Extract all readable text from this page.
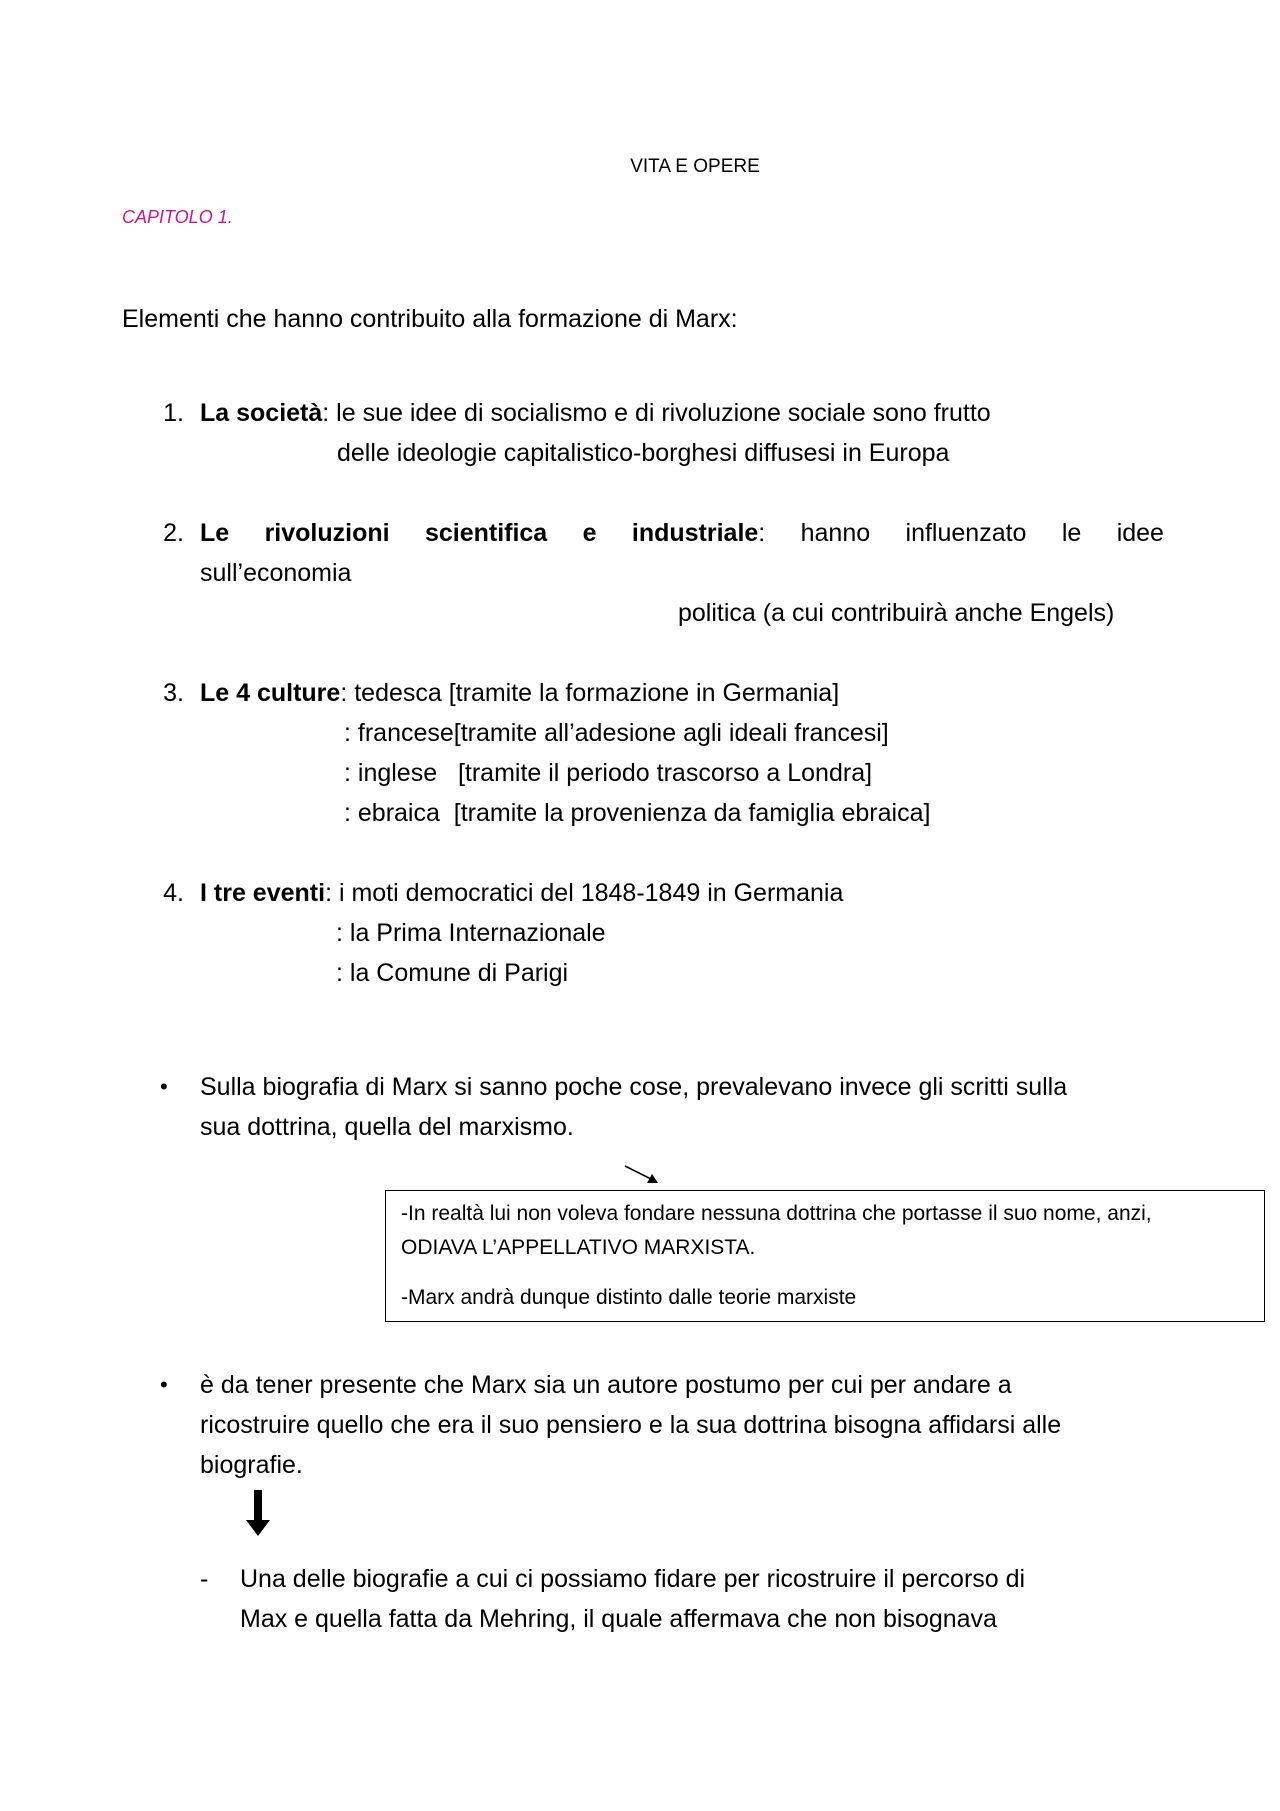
VITA E OPERE
CAPITOLO 1.
Elementi che hanno contribuito alla formazione di Marx:
1. La società: le sue idee di socialismo e di rivoluzione sociale sono frutto
delle ideologie capitalistico-borghesi diffusesi in Europa
2. Le rivoluzioni scientifica e industriale: hanno influenzato le idee
sull’economia
politica (a cui contribuirà anche Engels)
3. Le 4 culture: tedesca [tramite la formazione in Germania]
: francese[tramite all’adesione agli ideali francesi]
: inglese   [tramite il periodo trascorso a Londra]
: ebraica  [tramite la provenienza da famiglia ebraica]
4. I tre eventi: i moti democratici del 1848-1849 in Germania
: la Prima Internazionale
: la Comune di Parigi
• Sulla biografia di Marx si sanno poche cose, prevalevano invece gli scritti sulla
sua dottrina, quella del marxismo.
-In realtà lui non voleva fondare nessuna dottrina che portasse il suo nome, anzi,
ODIAVA L’APPELLATIVO MARXISTA.
-Marx andrà dunque distinto dalle teorie marxiste
• è da tener presente che Marx sia un autore postumo per cui per andare a
ricostruire quello che era il suo pensiero e la sua dottrina bisogna affidarsi alle
biografie.
- Una delle biografie a cui ci possiamo fidare per ricostruire il percorso di
Max e quella fatta da Mehring, il quale affermava che non bisognava
